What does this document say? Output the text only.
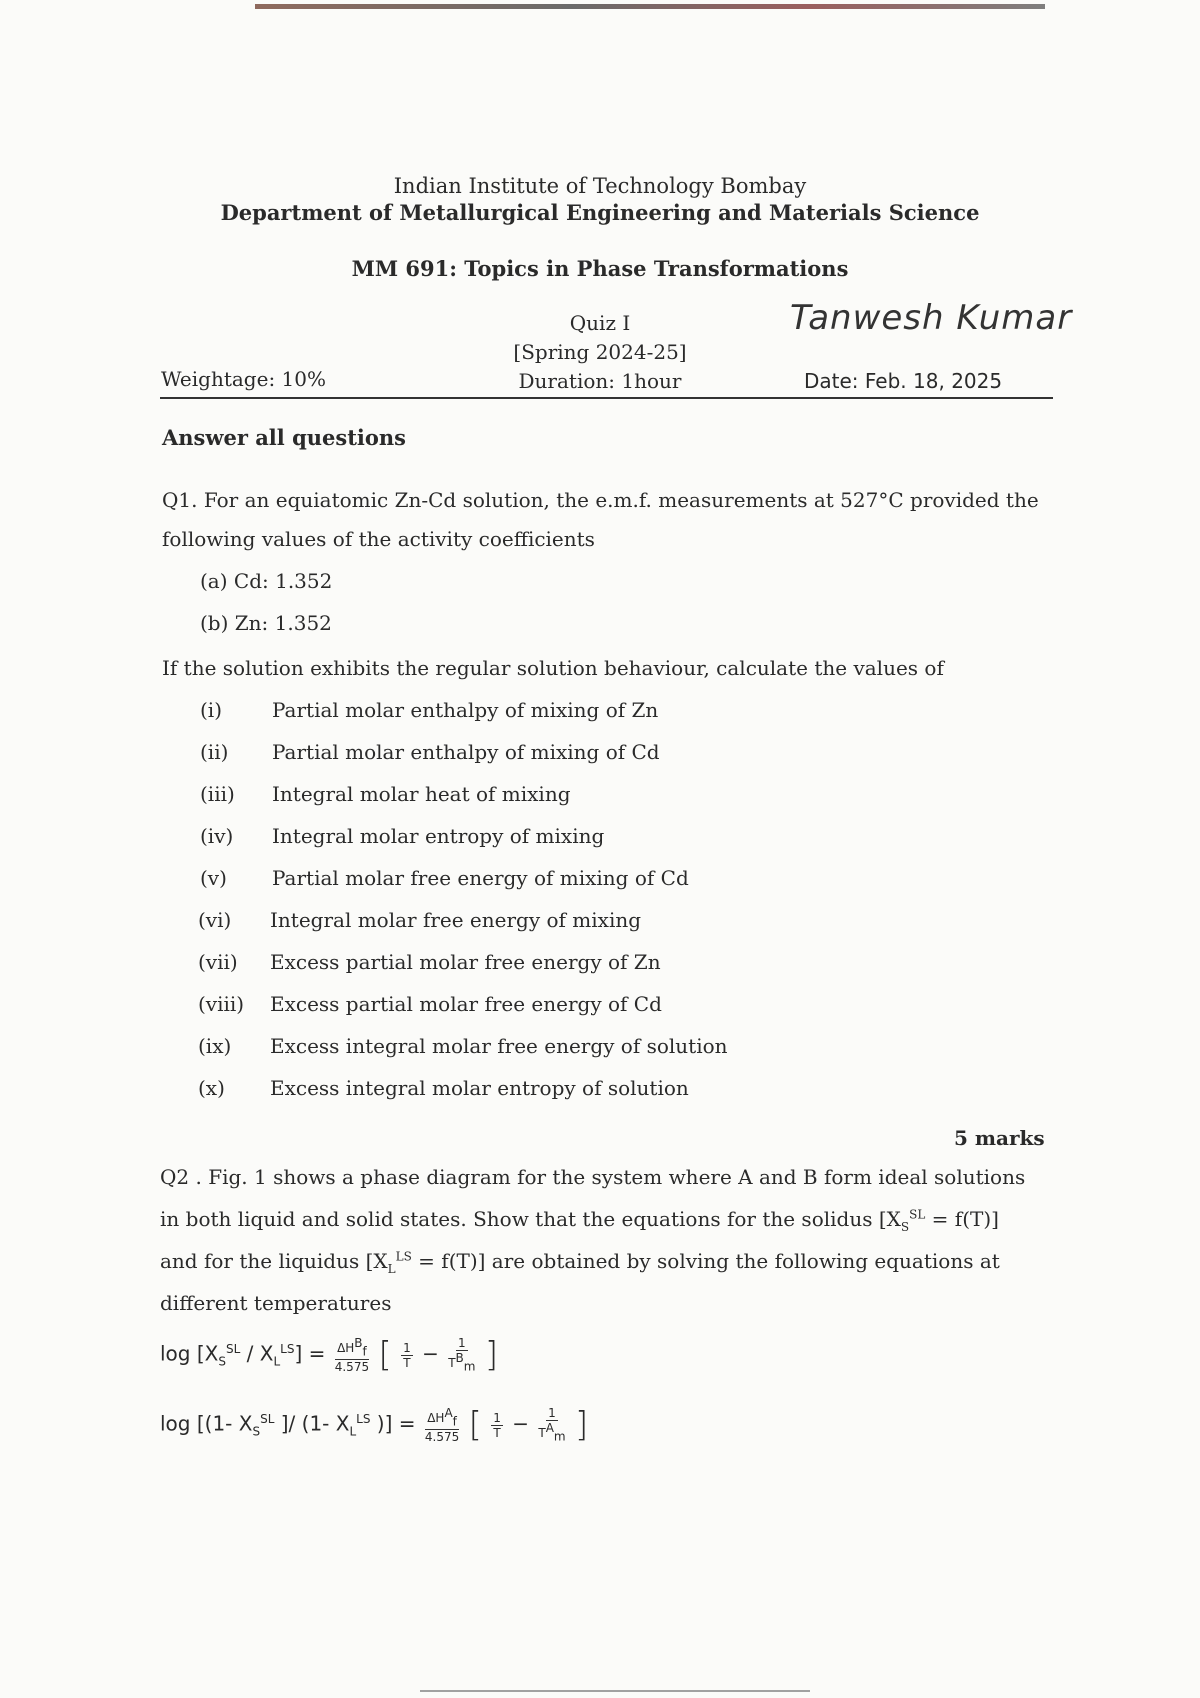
Indian Institute of Technology Bombay
Department of Metallurgical Engineering and Materials Science
MM 691: Topics in Phase Transformations
Quiz I
[Spring 2024-25]
Duration: 1hour
Weightage: 10%	Date: Feb. 18, 2025
Tanwesh Kumar
Answer all questions
Q1. For an equiatomic Zn-Cd solution, the e.m.f. measurements at 527°C provided the
following values of the activity coefficients
(a) Cd: 1.352
(b) Zn: 1.352
If the solution exhibits the regular solution behaviour, calculate the values of
(i) Partial molar enthalpy of mixing of Zn
(ii) Partial molar enthalpy of mixing of Cd
(iii) Integral molar heat of mixing
(iv) Integral molar entropy of mixing
(v) Partial molar free energy of mixing of Cd
(vi) Integral molar free energy of mixing
(vii) Excess partial molar free energy of Zn
(viii) Excess partial molar free energy of Cd
(ix) Excess integral molar free energy of solution
(x) Excess integral molar entropy of solution
5 marks
Q2 . Fig. 1 shows a phase diagram for the system where A and B form ideal solutions
in both liquid and solid states. Show that the equations for the solidus $[X_S^{SL} = f(T)]$
and for the liquidus $[X_L^{LS} = f(T)]$ are obtained by solving the following equations at
different temperatures
$\log [X_S^{SL} / X_L^{LS}] = \frac{\Delta H^B_f}{4.575}$ [ $\frac{1}{T} - \frac{1}{T^B_m}$ ]
log [(1- $X_S^{SL}$ ]/ (1- $X_L^{LS}$ )] = $\frac{\Delta H^A_f}{4.575}$ [ $\frac{1}{T} - \frac{1}{T^A_m}$ ]
